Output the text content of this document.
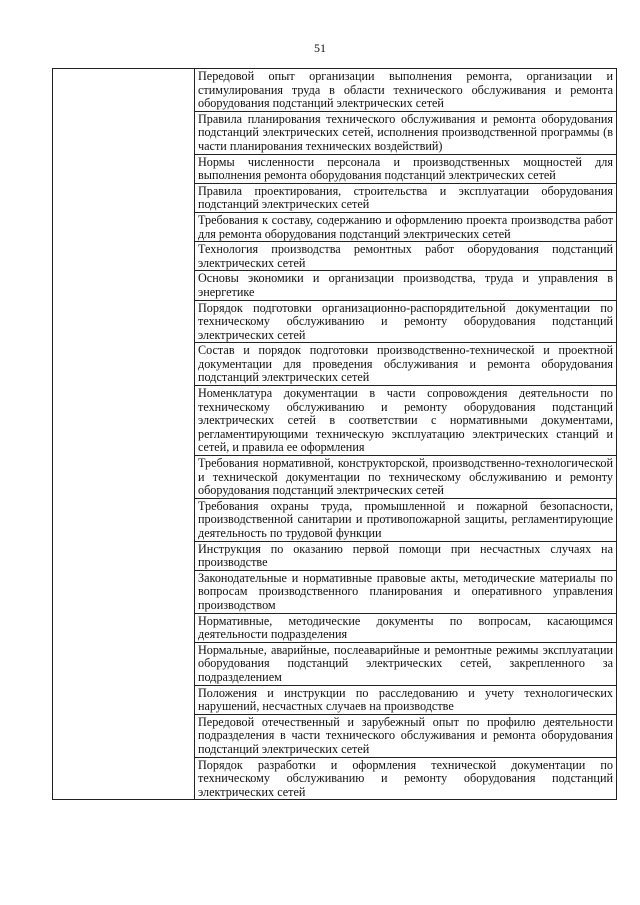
51

Передовой опыт организации выполнения ремонта, организации и стимулирования труда в области технического обслуживания и ремонта оборудования подстанций электрических сетей

Правила планирования технического обслуживания и ремонта оборудования подстанций электрических сетей, исполнения производственной программы (в части планирования технических воздействий)

Нормы численности персонала и производственных мощностей для выполнения ремонта оборудования подстанций электрических сетей

Правила проектирования, строительства и эксплуатации оборудования подстанций электрических сетей

Требования к составу, содержанию и оформлению проекта производства работ для ремонта оборудования подстанций электрических сетей

Технология производства ремонтных работ оборудования подстанций электрических сетей

Основы экономики и организации производства, труда и управления в энергетике

Порядок подготовки организационно-распорядительной документации по техническому обслуживанию и ремонту оборудования подстанций электрических сетей

Состав и порядок подготовки производственно-технической и проектной документации для проведения обслуживания и ремонта оборудования подстанций электрических сетей

Номенклатура документации в части сопровождения деятельности по техническому обслуживанию и ремонту оборудования подстанций электрических сетей в соответствии с нормативными документами, регламентирующими техническую эксплуатацию электрических станций и сетей, и правила ее оформления

Требования нормативной, конструкторской, производственно-технологической и технической документации по техническому обслуживанию и ремонту оборудования подстанций электрических сетей

Требования охраны труда, промышленной и пожарной безопасности, производственной санитарии и противопожарной защиты, регламентирующие деятельность по трудовой функции

Инструкция по оказанию первой помощи при несчастных случаях на производстве

Законодательные и нормативные правовые акты, методические материалы по вопросам производственного планирования и оперативного управления производством

Нормативные, методические документы по вопросам, касающимся деятельности подразделения

Нормальные, аварийные, послеаварийные и ремонтные режимы эксплуатации оборудования подстанций электрических сетей, закрепленного за подразделением

Положения и инструкции по расследованию и учету технологических нарушений, несчастных случаев на производстве

Передовой отечественный и зарубежный опыт по профилю деятельности подразделения в части технического обслуживания и ремонта оборудования подстанций электрических сетей

Порядок разработки и оформления технической документации по техническому обслуживанию и ремонту оборудования подстанций электрических сетей
